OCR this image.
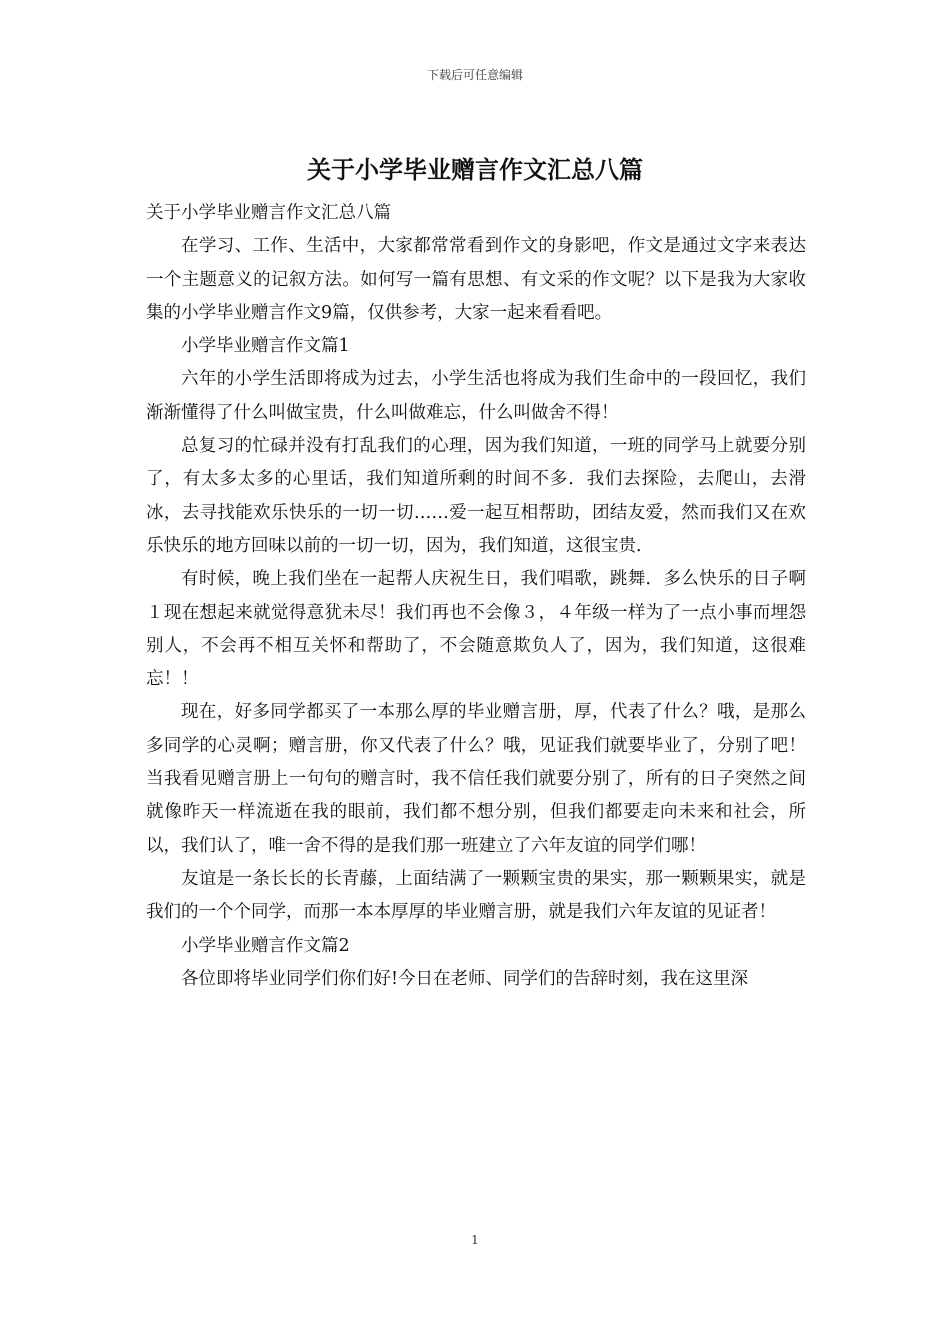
下载后可任意编辑
关于小学毕业赠言作文汇总八篇

关于小学毕业赠言作文汇总八篇

在学习、工作、生活中，大家都常常看到作文的身影吧，作文是通过文字来表达一个主题意义的记叙方法。如何写一篇有思想、有文采的作文呢？以下是我为大家收集的小学毕业赠言作文9篇，仅供参考，大家一起来看看吧。

小学毕业赠言作文篇1

六年的小学生活即将成为过去，小学生活也将成为我们生命中的一段回忆，我们渐渐懂得了什么叫做宝贵，什么叫做难忘，什么叫做舍不得！

总复习的忙碌并没有打乱我们的心理，因为我们知道，一班的同学马上就要分别了，有太多太多的心里话，我们知道所剩的时间不多．我们去探险，去爬山，去滑冰，去寻找能欢乐快乐的一切一切……爱一起互相帮助，团结友爱，然而我们又在欢乐快乐的地方回味以前的一切一切，因为，我们知道，这很宝贵．

有时候，晚上我们坐在一起帮人庆祝生日，我们唱歌，跳舞．多么快乐的日子啊１现在想起来就觉得意犹未尽！我们再也不会像３，４年级一样为了一点小事而埋怨别人，不会再不相互关怀和帮助了，不会随意欺负人了，因为，我们知道，这很难忘！！

现在，好多同学都买了一本那么厚的毕业赠言册，厚，代表了什么？哦，是那么多同学的心灵啊；赠言册，你又代表了什么？哦，见证我们就要毕业了，分别了吧！当我看见赠言册上一句句的赠言时，我不信任我们就要分别了，所有的日子突然之间就像昨天一样流逝在我的眼前，我们都不想分别，但我们都要走向未来和社会，所以，我们认了，唯一舍不得的是我们那一班建立了六年友谊的同学们哪！

友谊是一条长长的长青藤，上面结满了一颗颗宝贵的果实，那一颗颗果实，就是我们的一个个同学，而那一本本厚厚的毕业赠言册，就是我们六年友谊的见证者！

小学毕业赠言作文篇2

各位即将毕业同学们你们好!今日在老师、同学们的告辞时刻，我在这里深

1
